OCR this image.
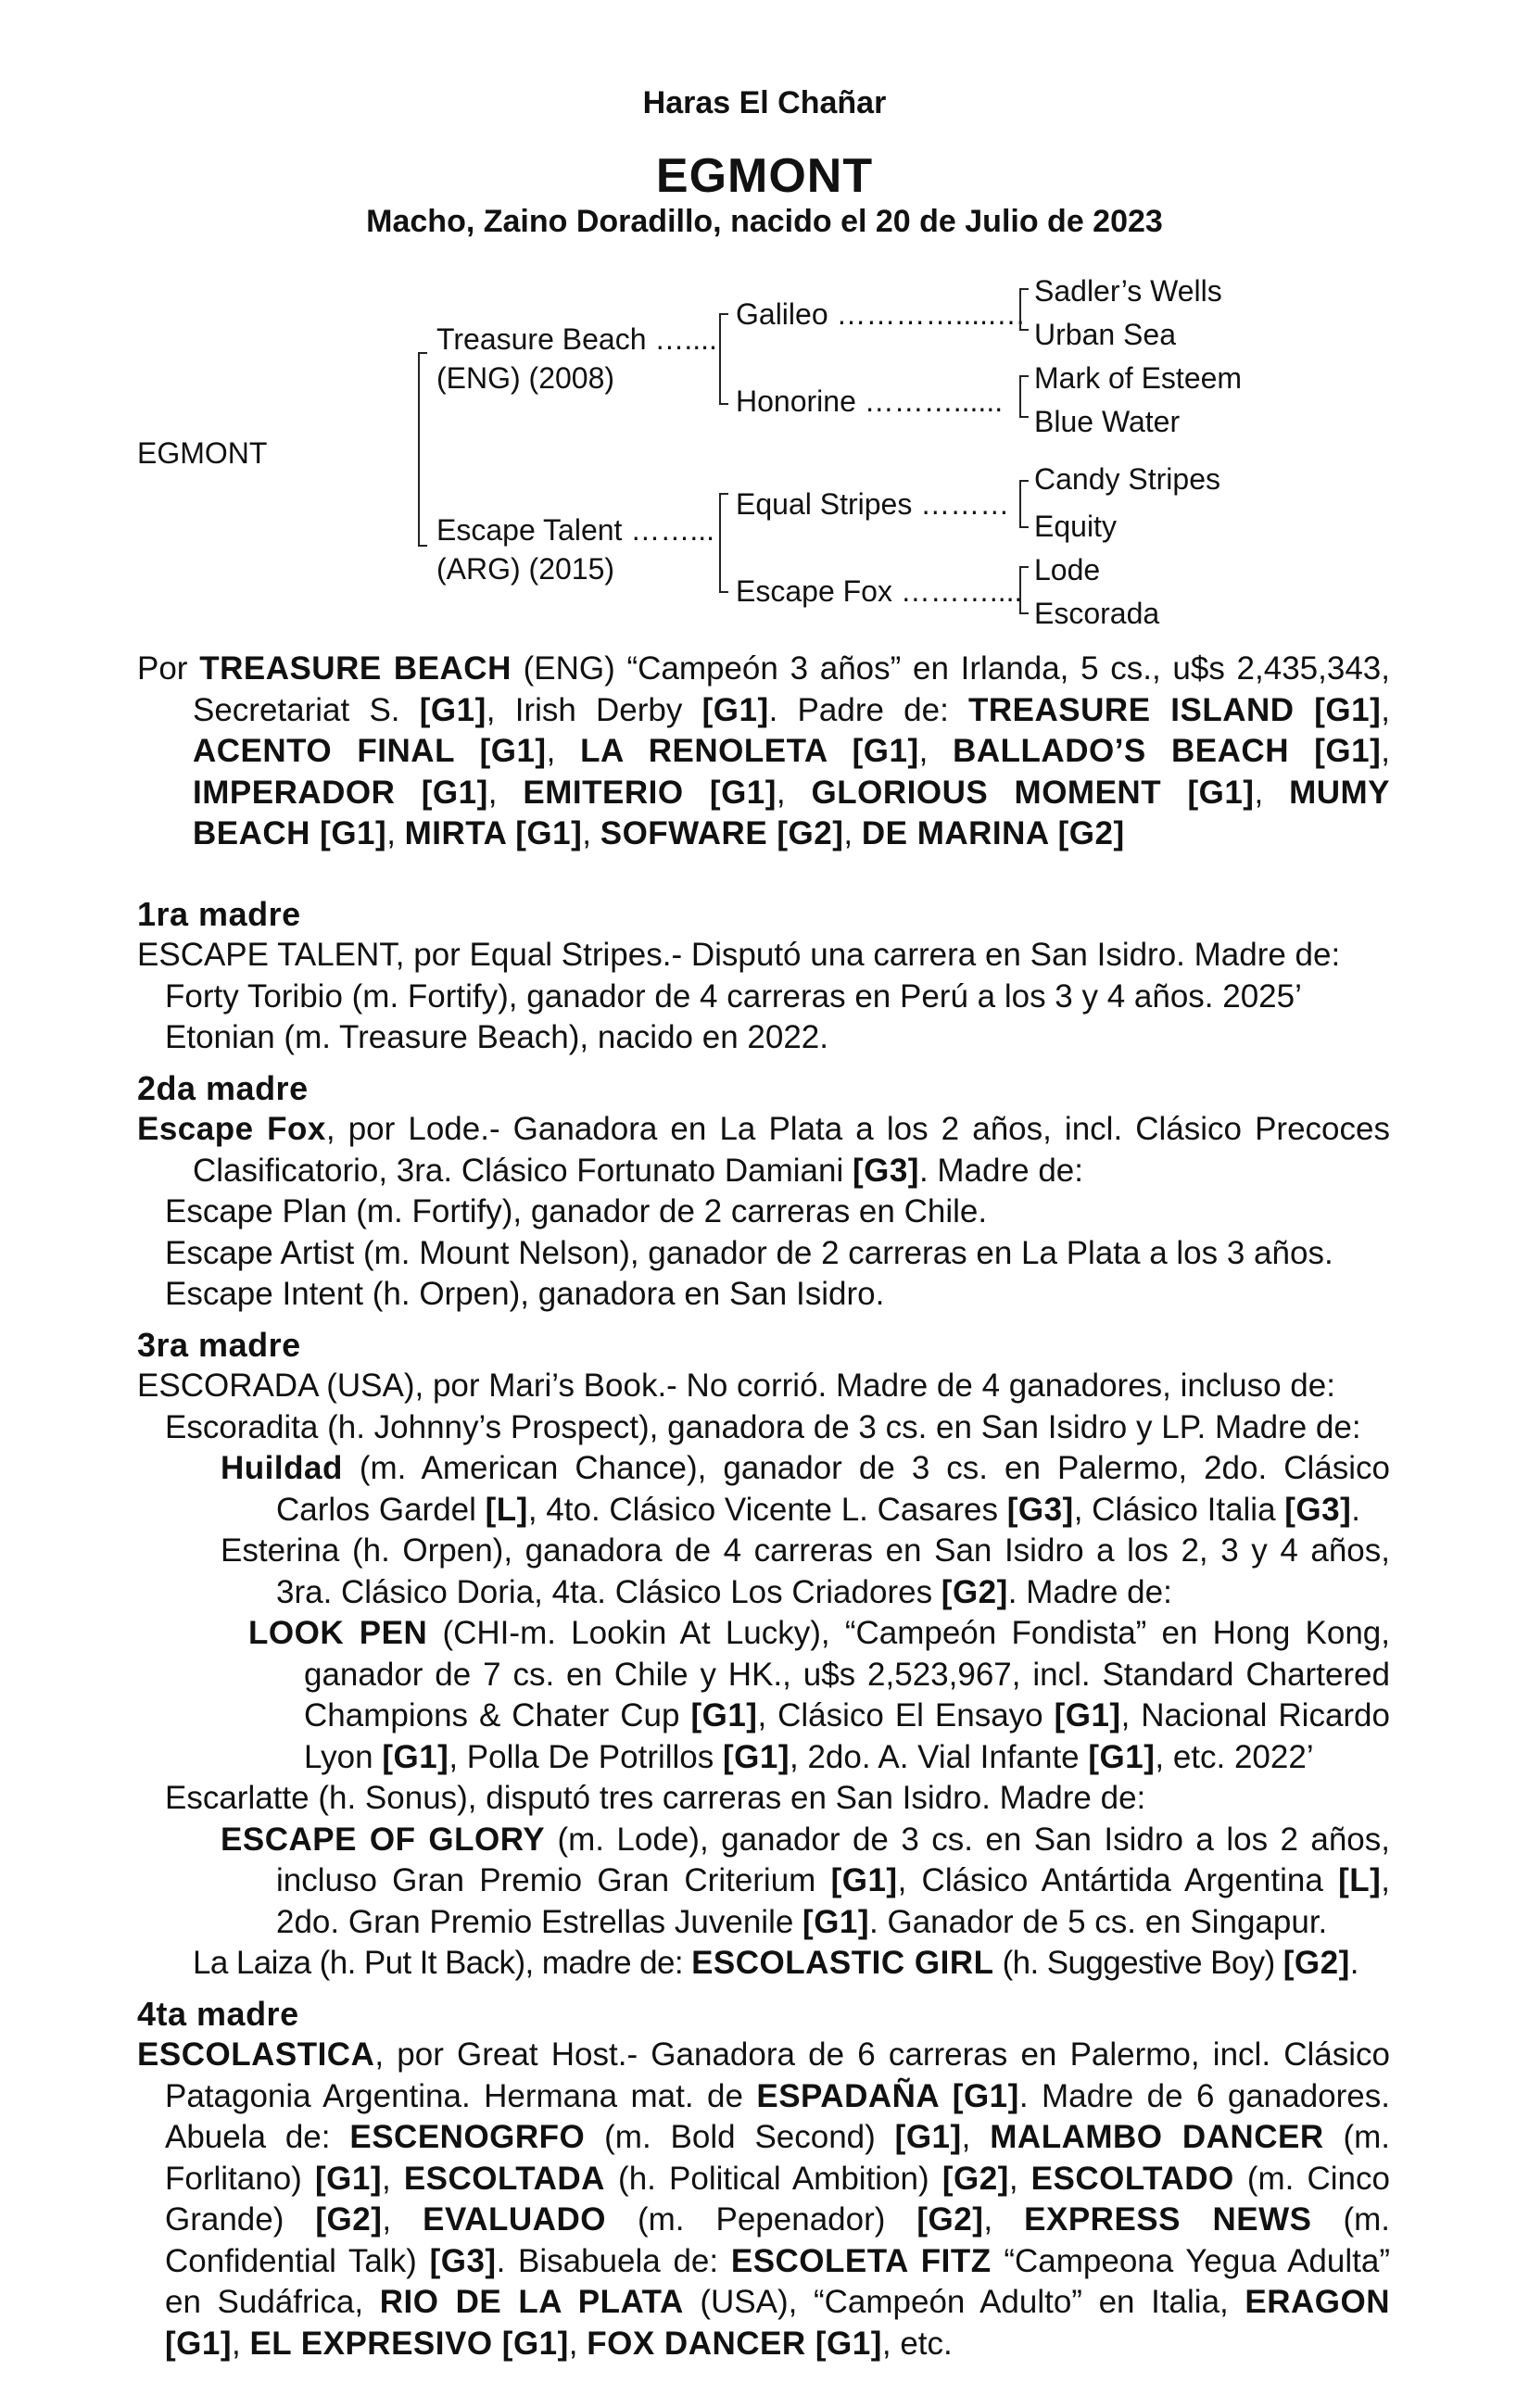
Haras El Chañar
EGMONT
Macho, Zaino Doradillo, nacido el 20 de Julio de 2023
EGMONT
Treasure Beach …....
(ENG) (2008)
Escape Talent ……...
(ARG) (2015)
Galileo ………….....…
Honorine ………......
Equal Stripes ………
Escape Fox ………....
Sadler’s Wells
Urban Sea
Mark of Esteem
Blue Water
Candy Stripes
Equity
Lode
Escorada

Por TREASURE BEACH (ENG) “Campeón 3 años” en Irlanda, 5 cs., u$s 2,435,343, Secretariat S. [G1], Irish Derby [G1]. Padre de: TREASURE ISLAND [G1], ACENTO FINAL [G1], LA RENOLETA [G1], BALLADO’S BEACH [G1], IMPERADOR [G1], EMITERIO [G1], GLORIOUS MOMENT [G1], MUMY BEACH [G1], MIRTA [G1], SOFWARE [G2], DE MARINA [G2]

1ra madre

ESCAPE TALENT, por Equal Stripes.- Disputó una carrera en San Isidro. Madre de:

Forty Toribio (m. Fortify), ganador de 4 carreras en Perú a los 3 y 4 años. 2025’

Etonian (m. Treasure Beach), nacido en 2022.

2da madre

Escape Fox, por Lode.- Ganadora en La Plata a los 2 años, incl. Clásico Precoces Clasificatorio, 3ra. Clásico Fortunato Damiani [G3]. Madre de:

Escape Plan (m. Fortify), ganador de 2 carreras en Chile.

Escape Artist (m. Mount Nelson), ganador de 2 carreras en La Plata a los 3 años.

Escape Intent (h. Orpen), ganadora en San Isidro.

3ra madre

ESCORADA (USA), por Mari’s Book.- No corrió. Madre de 4 ganadores, incluso de:

Escoradita (h. Johnny’s Prospect), ganadora de 3 cs. en San Isidro y LP. Madre de:

Huildad (m. American Chance), ganador de 3 cs. en Palermo, 2do. Clásico Carlos Gardel [L], 4to. Clásico Vicente L. Casares [G3], Clásico Italia [G3].

Esterina (h. Orpen), ganadora de 4 carreras en San Isidro a los 2, 3 y 4 años, 3ra. Clásico Doria, 4ta. Clásico Los Criadores [G2]. Madre de:

LOOK PEN (CHI-m. Lookin At Lucky), “Campeón Fondista” en Hong Kong, ganador de 7 cs. en Chile y HK., u$s 2,523,967, incl. Standard Chartered Champions & Chater Cup [G1], Clásico El Ensayo [G1], Nacional Ricardo Lyon [G1], Polla De Potrillos [G1], 2do. A. Vial Infante [G1], etc. 2022’

Escarlatte (h. Sonus), disputó tres carreras en San Isidro. Madre de:

ESCAPE OF GLORY (m. Lode), ganador de 3 cs. en San Isidro a los 2 años, incluso Gran Premio Gran Criterium [G1], Clásico Antártida Argentina [L], 2do. Gran Premio Estrellas Juvenile [G1]. Ganador de 5 cs. en Singapur.

La Laiza (h. Put It Back), madre de: ESCOLASTIC GIRL (h. Suggestive Boy) [G2].

4ta madre

ESCOLASTICA, por Great Host.- Ganadora de 6 carreras en Palermo, incl. Clásico Patagonia Argentina. Hermana mat. de ESPADAÑA [G1]. Madre de 6 ganadores. Abuela de: ESCENOGRFO (m. Bold Second) [G1], MALAMBO DANCER (m. Forlitano) [G1], ESCOLTADA (h. Political Ambition) [G2], ESCOLTADO (m. Cinco Grande) [G2], EVALUADO (m. Pepenador) [G2], EXPRESS NEWS (m. Confidential Talk) [G3]. Bisabuela de: ESCOLETA FITZ “Campeona Yegua Adulta” en Sudáfrica, RIO DE LA PLATA (USA), “Campeón Adulto” en Italia, ERAGON [G1], EL EXPRESIVO [G1], FOX DANCER [G1], etc.
